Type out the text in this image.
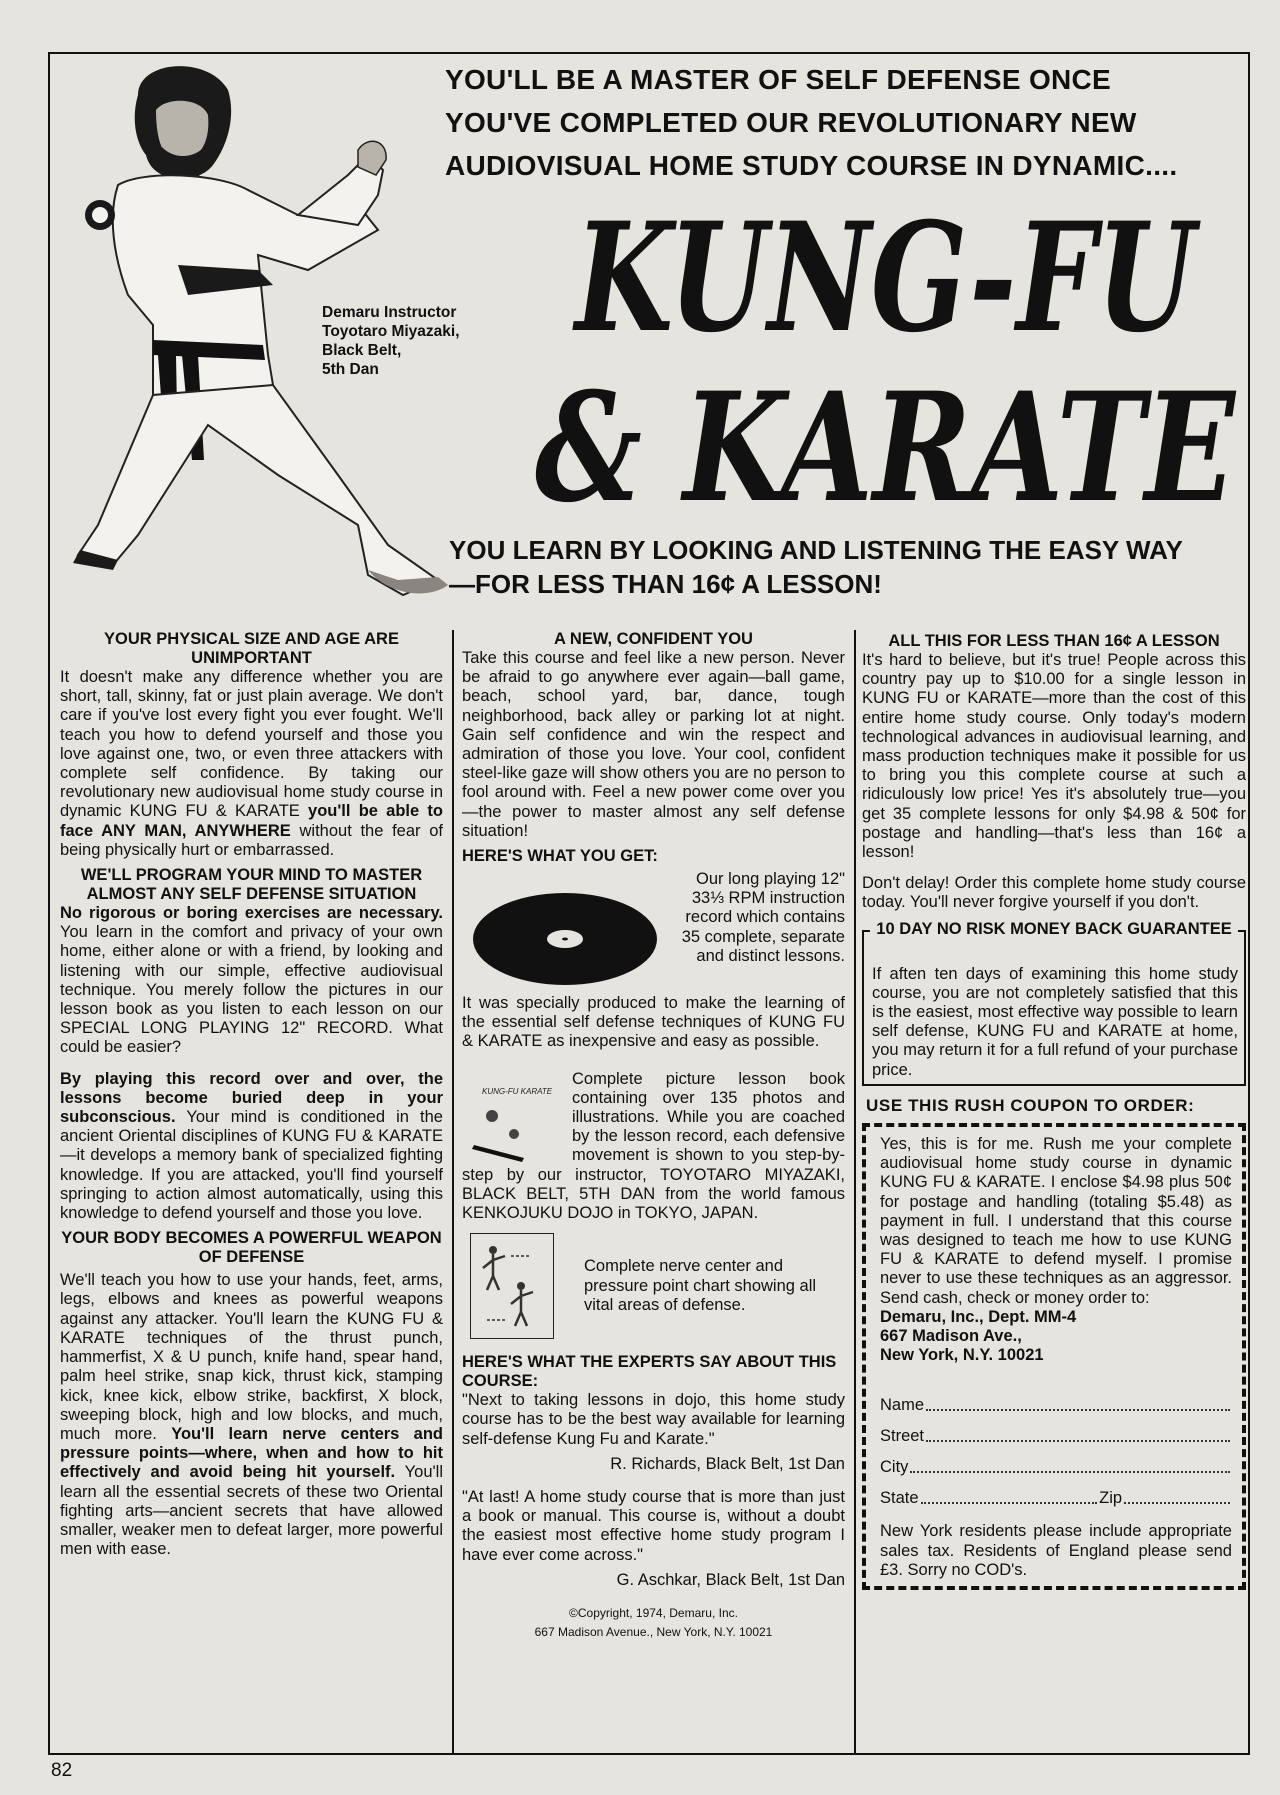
YOU'LL BE A MASTER OF SELF DEFENSE ONCE
YOU'VE COMPLETED OUR REVOLUTIONARY NEW
AUDIOVISUAL HOME STUDY COURSE IN DYNAMIC....
Demaru Instructor
Toyotaro Miyazaki,
Black Belt,
5th Dan
KUNG-FU
& KARATE
YOU LEARN BY LOOKING AND LISTENING THE EASY WAY
—FOR LESS THAN 16¢ A LESSON!
YOUR PHYSICAL SIZE AND AGE ARE UNIMPORTANT

It doesn't make any difference whether you are short, tall, skinny, fat or just plain average. We don't care if you've lost every fight you ever fought. We'll teach you how to defend yourself and those you love against one, two, or even three attackers with complete self confidence. By taking our revolutionary new audiovisual home study course in dynamic KUNG FU & KARATE you'll be able to face ANY MAN, ANYWHERE without the fear of being physically hurt or embarrassed.

WE'LL PROGRAM YOUR MIND TO MASTER ALMOST ANY SELF DEFENSE SITUATION

No rigorous or boring exercises are necessary. You learn in the comfort and privacy of your own home, either alone or with a friend, by looking and listening with our simple, effective audiovisual technique. You merely follow the pictures in our lesson book as you listen to each lesson on our SPECIAL LONG PLAYING 12" RECORD. What could be easier?

By playing this record over and over, the lessons become buried deep in your subconscious. Your mind is conditioned in the ancient Oriental disciplines of KUNG FU & KARATE—it develops a memory bank of specialized fighting knowledge. If you are attacked, you'll find yourself springing to action almost automatically, using this knowledge to defend yourself and those you love.

YOUR BODY BECOMES A POWERFUL WEAPON OF DEFENSE

We'll teach you how to use your hands, feet, arms, legs, elbows and knees as powerful weapons against any attacker. You'll learn the KUNG FU & KARATE techniques of the thrust punch, hammerfist, X & U punch, knife hand, spear hand, palm heel strike, snap kick, thrust kick, stamping kick, knee kick, elbow strike, backfirst, X block, sweeping block, high and low blocks, and much, much more. You'll learn nerve centers and pressure points—where, when and how to hit effectively and avoid being hit yourself. You'll learn all the essential secrets of these two Oriental fighting arts—ancient secrets that have allowed smaller, weaker men to defeat larger, more powerful men with ease.

A NEW, CONFIDENT YOU

Take this course and feel like a new person. Never be afraid to go anywhere ever again—ball game, beach, school yard, bar, dance, tough neighborhood, back alley or parking lot at night. Gain self confidence and win the respect and admiration of those you love. Your cool, confident steel-like gaze will show others you are no person to fool around with. Feel a new power come over you—the power to master almost any self defense situation!

HERE'S WHAT YOU GET:
Our long playing 12" 33⅓ RPM instruction record which contains 35 complete, separate and distinct lessons.

It was specially produced to make the learning of the essential self defense techniques of KUNG FU & KARATE as inexpensive and easy as possible.

KUNG-FU KARATE
Complete picture lesson book containing over 135 photos and illustrations. While you are coached by the lesson record, each defensive movement is shown to you step-by-step by our instructor, TOYOTARO MIYAZAKI, BLACK BELT, 5TH DAN from the world famous KENKOJUKU DOJO in TOKYO, JAPAN.
Complete nerve center and pressure point chart showing all vital areas of defense.
HERE'S WHAT THE EXPERTS SAY ABOUT THIS COURSE:

"Next to taking lessons in dojo, this home study course has to be the best way available for learning self-defense Kung Fu and Karate."

R. Richards, Black Belt, 1st Dan

"At last! A home study course that is more than just a book or manual. This course is, without a doubt the easiest most effective home study program I have ever come across."

G. Aschkar, Black Belt, 1st Dan
©Copyright, 1974, Demaru, Inc.
667 Madison Avenue., New York, N.Y. 10021
ALL THIS FOR LESS THAN 16¢ A LESSON

It's hard to believe, but it's true! People across this country pay up to $10.00 for a single lesson in KUNG FU or KARATE—more than the cost of this entire home study course. Only today's modern technological advances in audiovisual learning, and mass production techniques make it possible for us to bring you this complete course at such a ridiculously low price! Yes it's absolutely true—you get 35 complete lessons for only $4.98 & 50¢ for postage and handling—that's less than 16¢ a lesson!

Don't delay! Order this complete home study course today. You'll never forgive yourself if you don't.

10 DAY NO RISK MONEY BACK GUARANTEE
If aften ten days of examining this home study course, you are not completely satisfied that this is the easiest, most effective way possible to learn self defense, KUNG FU and KARATE at home, you may return it for a full refund of your purchase price.
USE THIS RUSH COUPON TO ORDER:
Yes, this is for me. Rush me your complete audiovisual home study course in dynamic KUNG FU & KARATE. I enclose $4.98 plus 50¢ for postage and handling (totaling $5.48) as payment in full. I understand that this course was designed to teach me how to use KUNG FU & KARATE to defend myself. I promise never to use these techniques as an aggressor. Send cash, check or money order to:
Demaru, Inc., Dept. MM-4
667 Madison Ave.,
New York, N.Y. 10021
Name
Street
City
State	Zip
New York residents please include appropriate sales tax. Residents of England please send £3. Sorry no COD's.
82
